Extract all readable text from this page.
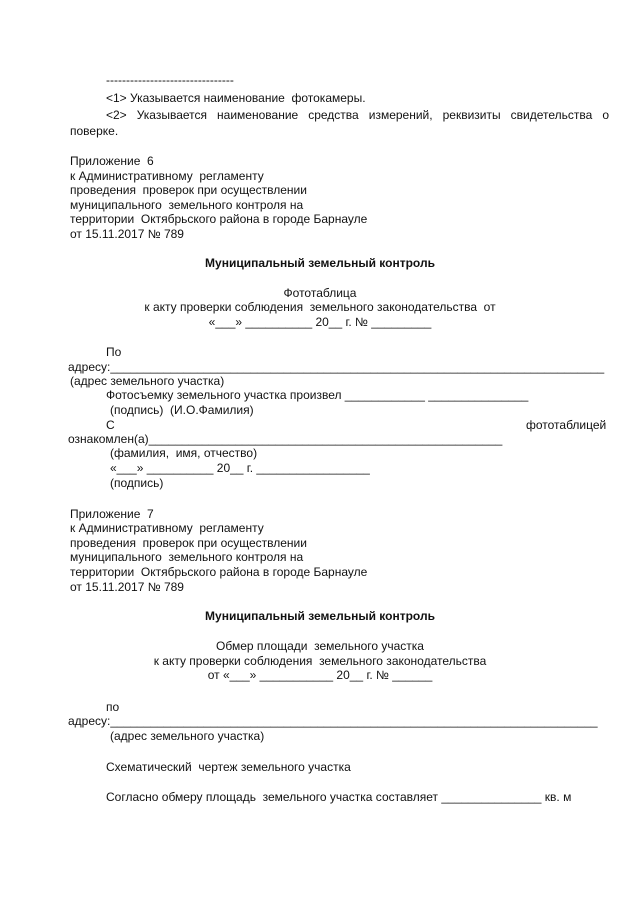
--------------------------------
<1> Указывается наименование  фотокамеры.
<2> Указывается наименование средства измерений, реквизиты свидетельства о
поверке.
Приложение  6
к Административному  регламенту
проведения  проверок при осуществлении
муниципального  земельного контроля на
территории  Октябрьского района в городе Барнауле
от 15.11.2017 № 789
Муниципальный земельный контроль
Фототаблица
к акту проверки соблюдения  земельного законодательства  от
«___» __________ 20__ г. № _________
По
адресу:__________________________________________________________________________
(адрес земельного участка)
Фотосъемку земельного участка произвел ____________ _______________
(подпись)  (И.О.Фамилия)
С	фототаблицей
ознакомлен(а)_____________________________________________________
(фамилия,  имя, отчество)
«___» __________ 20__ г. _________________
(подпись)
Приложение  7
к Административному  регламенту
проведения  проверок при осуществлении
муниципального  земельного контроля на
территории  Октябрьского района в городе Барнауле
от 15.11.2017 № 789
Муниципальный земельный контроль
Обмер площади  земельного участка
к акту проверки соблюдения  земельного законодательства
от «___» ___________ 20__ г. № ______
по
адресу:_________________________________________________________________________
(адрес земельного участка)
Схематический  чертеж земельного участка
Согласно обмеру площадь  земельного участка составляет _______________ кв. м
